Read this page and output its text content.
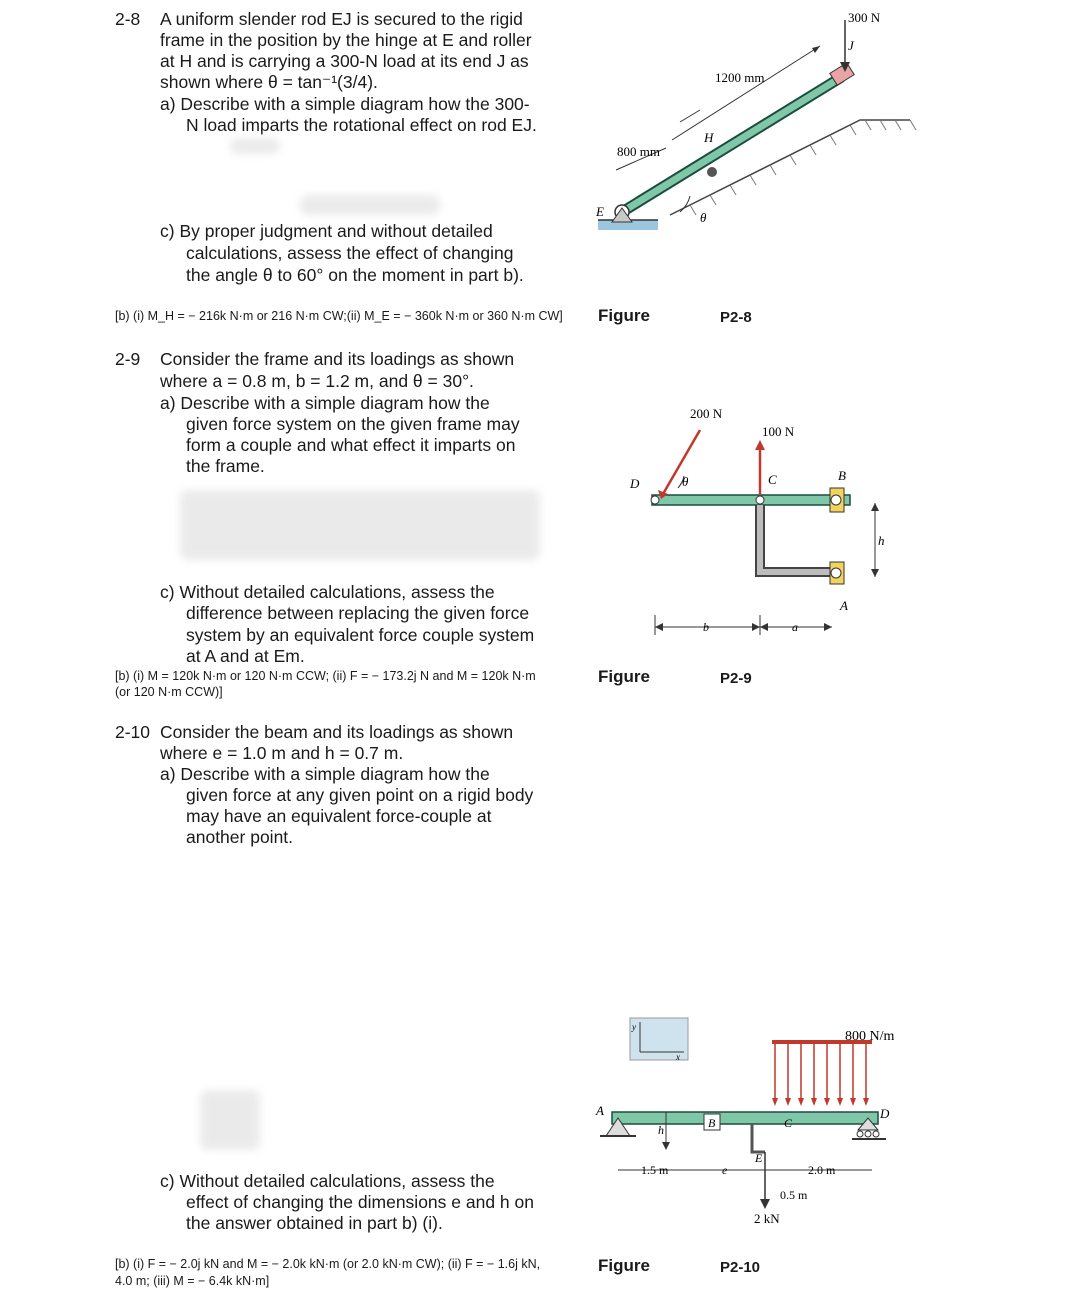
2-8 A uniform slender rod EJ is secured to the rigid
frame in the position by the hinge at E and roller
at H and is carrying a 300-N load at its end J as
shown where θ = tan⁻¹(3/4).
a) Describe with a simple diagram how the 300-
N load imparts the rotational effect on rod EJ.
c) By proper judgment and without detailed
calculations, assess the effect of changing
the angle θ to 60° on the moment in part b).
[b) (i) M_H = − 216k N·m or 216 N·m CW;(ii) M_E = − 360k N·m or 360 N·m CW] Figure	P2-8
300 N
J
1200 mm
800 mm
H
E	θ
2-9 Consider the frame and its loadings as shown
where a = 0.8 m, b = 1.2 m, and θ = 30°.
a) Describe with a simple diagram how the
given force system on the given frame may
form a couple and what effect it imparts on
the frame.
c) Without detailed calculations, assess the
difference between replacing the given force
system by an equivalent force couple system
at A and at Em.
[b) (i) M = 120k N·m or 120 N·m CCW; (ii) F = − 173.2j N and M = 120k N·m
(or 120 N·m CCW)]
Figure	P2-9
200 N
100 N
D	C	B
A
θ
h
b	a
2-10 Consider the beam and its loadings as shown
where e = 1.0 m and h = 0.7 m.
a) Describe with a simple diagram how the
given force at any given point on a rigid body
may have an equivalent force-couple at
another point.
c) Without detailed calculations, assess the
effect of changing the dimensions e and h on
the answer obtained in part b) (i).
[b) (i) F = − 2.0j kN and M = − 2.0k kN·m (or 2.0 kN·m CW); (ii) F = − 1.6j kN,
4.0 m; (iii) M = − 6.4k kN·m]
Figure	P2-10
y
x
800 N/m
A
B	C
D
E
h
1.5 m	e	2.0 m
0.5 m
2 kN
